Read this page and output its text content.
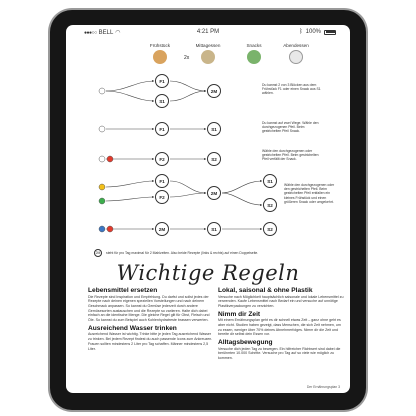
●●●○○ BELL ◠	4:21 PM	ᛒ 100%
Frühstück
2x
Mittagessen	Snacks	Abendessen
F1
S1
2M
F1	S1
F2	S2
F1
F2
2M
S1
S2
2M	S1	S2
Du kannst 2 von 3 Blöcken aus dem Frühstück F1 oder einen Snack aus S1 wählen.
Du kannst auf zwei Wege. Wähle den durchgezogenen Pfeil. Beim gestrichelten Pfeil Snack.
Wähle den durchgezogenen oder gestrichelten Pfeil. Beim gestrichelten Pfeil verfällt der Snack.
Wähle den durchgezogenen oder den gestrichelten Pfeil. Beim gestrichelten Pfeil entfallen ein kleines Frühstück und einen größeren Snack oder umgekehrt.
2M	steht für pro Tag maximal für 2 Mahlzeiten. Also beide Rezepte (links & rechts) auf einen Doppelseite.
Wichtige Regeln
Lebensmittel ersetzen
Die Rezepte sind Inspiration und Empfehlung. Du darfst und sollst jedes der Rezepte nach deinen eigenen speziellen Vorstellungen und nach deinem Geschmack anpassen. So kannst du Gemüse jederzeit durch andere Gemüsesorten austauschen und die Rezepte so variieren. Halte dich dabei einfach an die identische Menge. Die gleiche Regel gilt für Obst, Fleisch und Öle. So kannst du zum Beispiel auch Kohlenhydratreste brassen verwerten.
Ausreichend Wasser trinken
Ausreichend Wasser ist wichtig. Trinke bitte je jeden Tag ausreichend Wasser zu trinken. Bei jedem Rezept findest du auch passende Icons zum Ankreuzen. Frauen sollten mindestens 2 Liter pro Tag schaffen. Männer mindestens 2,5 Liter.
Lokal, saisonal & ohne Plastik
Versuche nach Möglichkeit hauptsächlich saisonale und lokale Lebensmittel zu verwenden. Kaufe Lebensmittel nach Bedarf ein und versuche auf unnötige Plastikverpackungen zu verzichten.
Nimm dir Zeit
Mit einem Ernährungsplan geht es dir schnell etwas Zeit – ganz ohne geht es aber nicht. Studien haben gezeigt, dass Menschen, die sich Zeit nehmen, um zu essen, weniger über 70% deines Abnehmerfolges. Nimm dir die Zeit und bereite dir selbst dein Essen vor.
Alltagsbewegung
Versuche dich jeden Tag zu bewegen. Ein hilfreicher Richtwert sind dabei die berühmten 10.000 Schritte. Versuche pro Tag auf so viele wie möglich zu kommen.
Der Ernährungsplan 3
